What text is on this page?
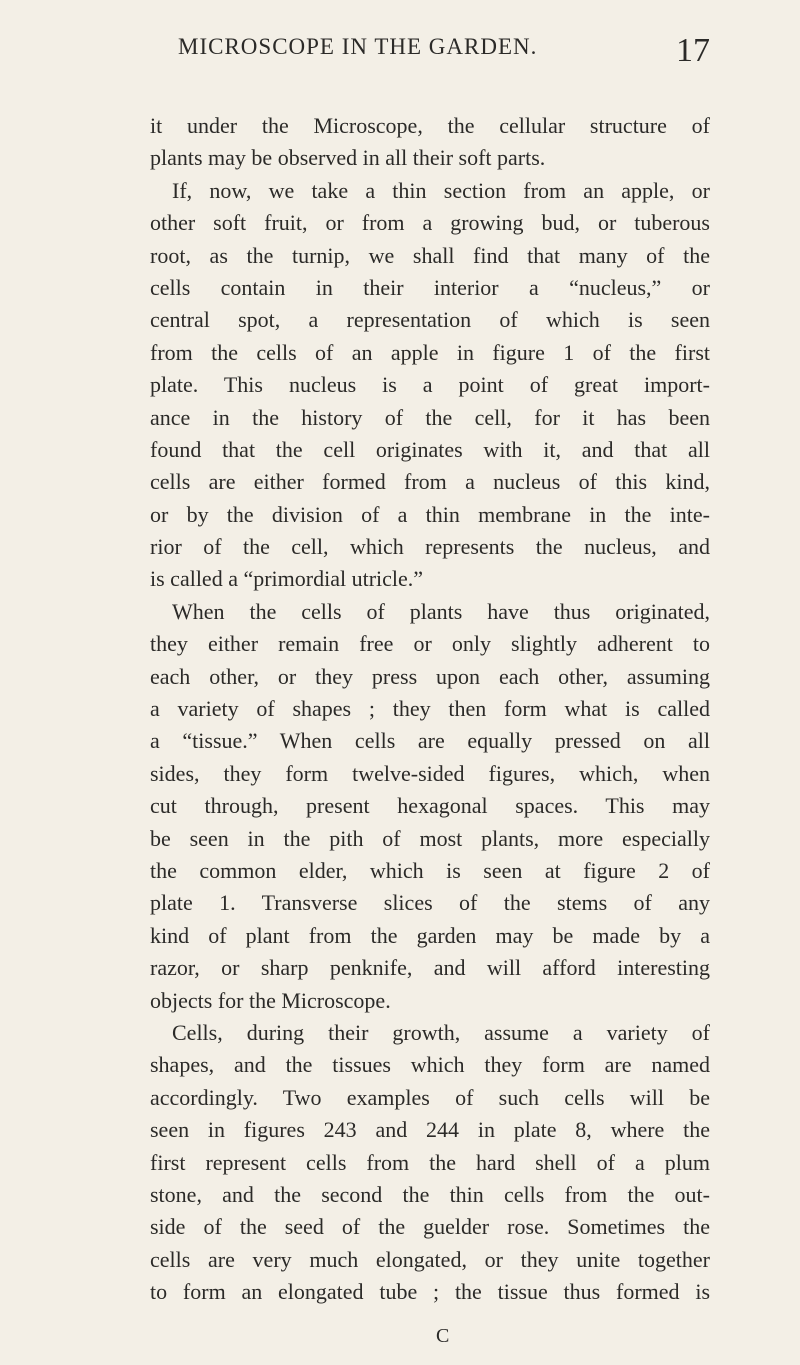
MICROSCOPE IN THE GARDEN.	17
it under the Microscope, the cellular structure of
plants may be observed in all their soft parts.
If, now, we take a thin section from an apple, or
other soft fruit, or from a growing bud, or tuberous
root, as the turnip, we shall find that many of the
cells contain in their interior a “nucleus,” or
central spot, a representation of which is seen
from the cells of an apple in figure 1 of the first
plate. This nucleus is a point of great import-
ance in the history of the cell, for it has been
found that the cell originates with it, and that all
cells are either formed from a nucleus of this kind,
or by the division of a thin membrane in the inte-
rior of the cell, which represents the nucleus, and
is called a “primordial utricle.”
When the cells of plants have thus originated,
they either remain free or only slightly adherent to
each other, or they press upon each other, assuming
a variety of shapes ; they then form what is called
a “tissue.” When cells are equally pressed on all
sides, they form twelve-sided figures, which, when
cut through, present hexagonal spaces. This may
be seen in the pith of most plants, more especially
the common elder, which is seen at figure 2 of
plate 1. Transverse slices of the stems of any
kind of plant from the garden may be made by a
razor, or sharp penknife, and will afford interesting
objects for the Microscope.
Cells, during their growth, assume a variety of
shapes, and the tissues which they form are named
accordingly. Two examples of such cells will be
seen in figures 243 and 244 in plate 8, where the
first represent cells from the hard shell of a plum
stone, and the second the thin cells from the out-
side of the seed of the guelder rose. Sometimes the
cells are very much elongated, or they unite together
to form an elongated tube ; the tissue thus formed is
C
